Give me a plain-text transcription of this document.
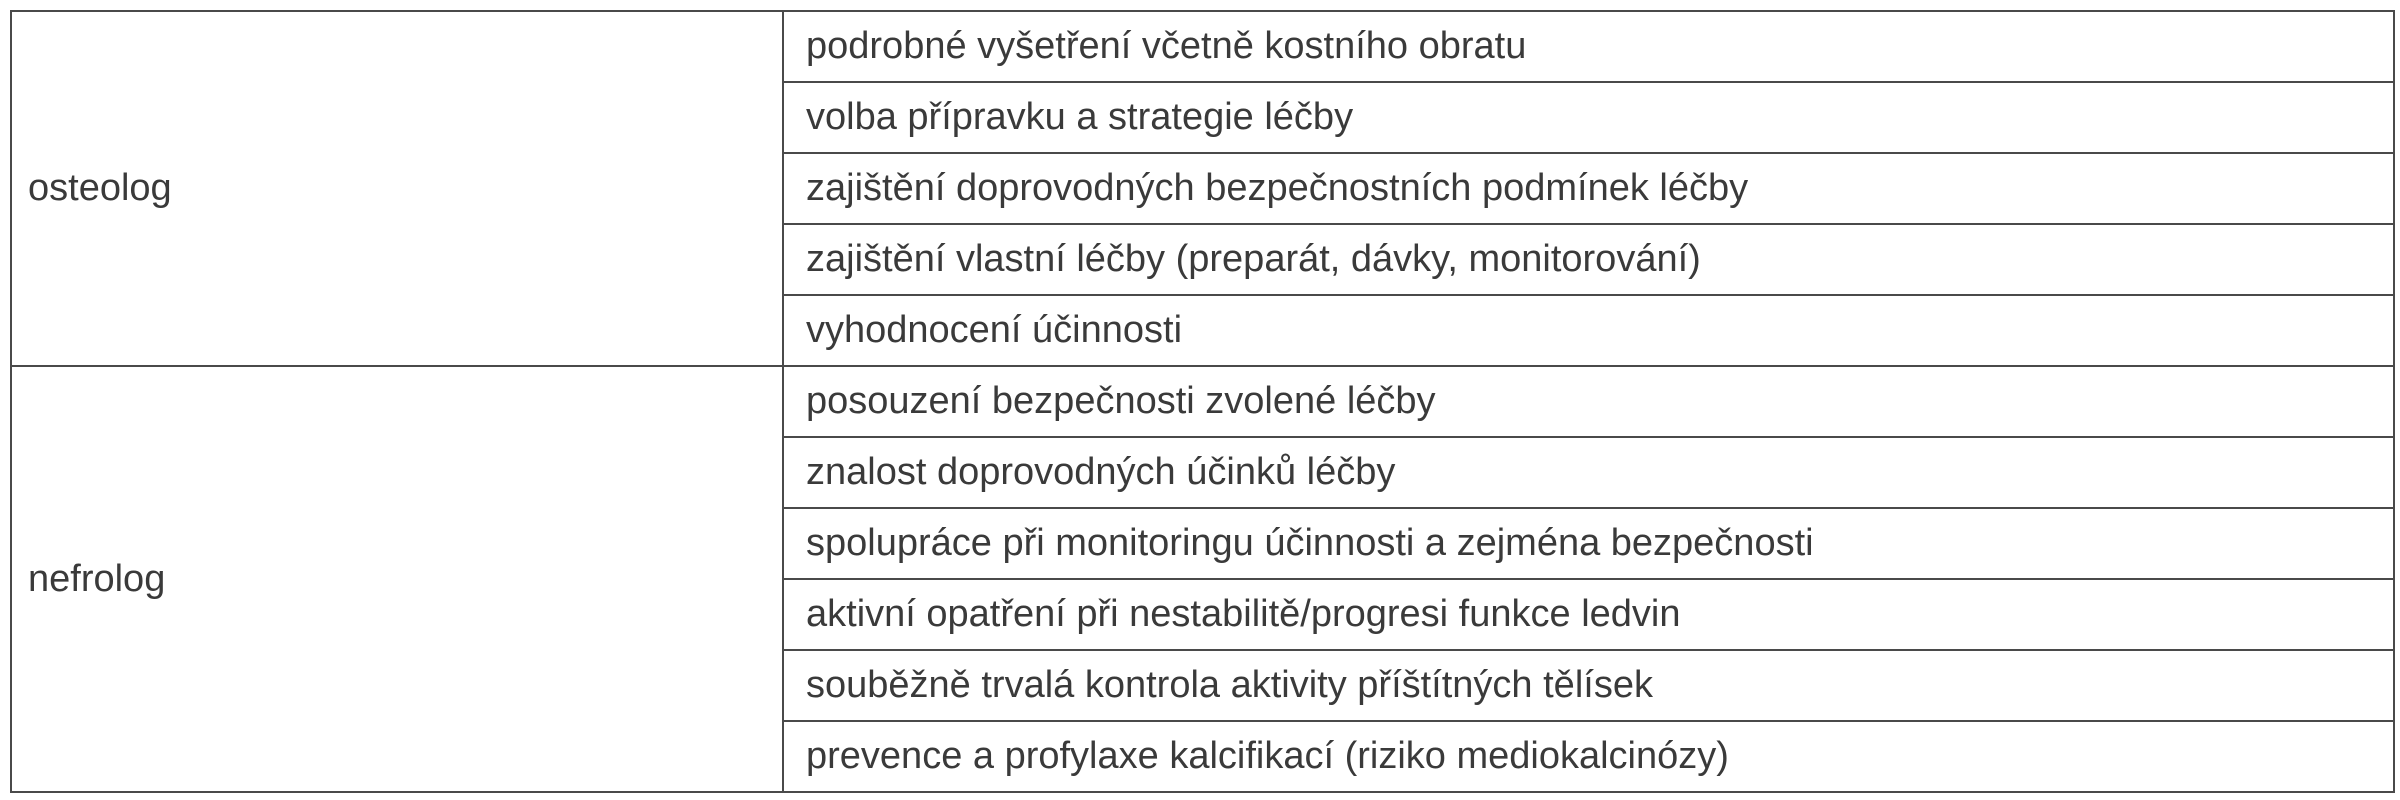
osteolog
podrobné vyšetření včetně kostního obratu
volba přípravku a strategie léčby
zajištění doprovodných bezpečnostních podmínek léčby
zajištění vlastní léčby (preparát, dávky, monitorování)
vyhodnocení účinnosti
nefrolog
posouzení bezpečnosti zvolené léčby
znalost doprovodných účinků léčby
spolupráce při monitoringu účinnosti a zejména bezpečnosti
aktivní opatření při nestabilitě/progresi funkce ledvin
souběžně trvalá kontrola aktivity příštítných tělísek
prevence a profylaxe kalcifikací (riziko mediokalcinózy)
